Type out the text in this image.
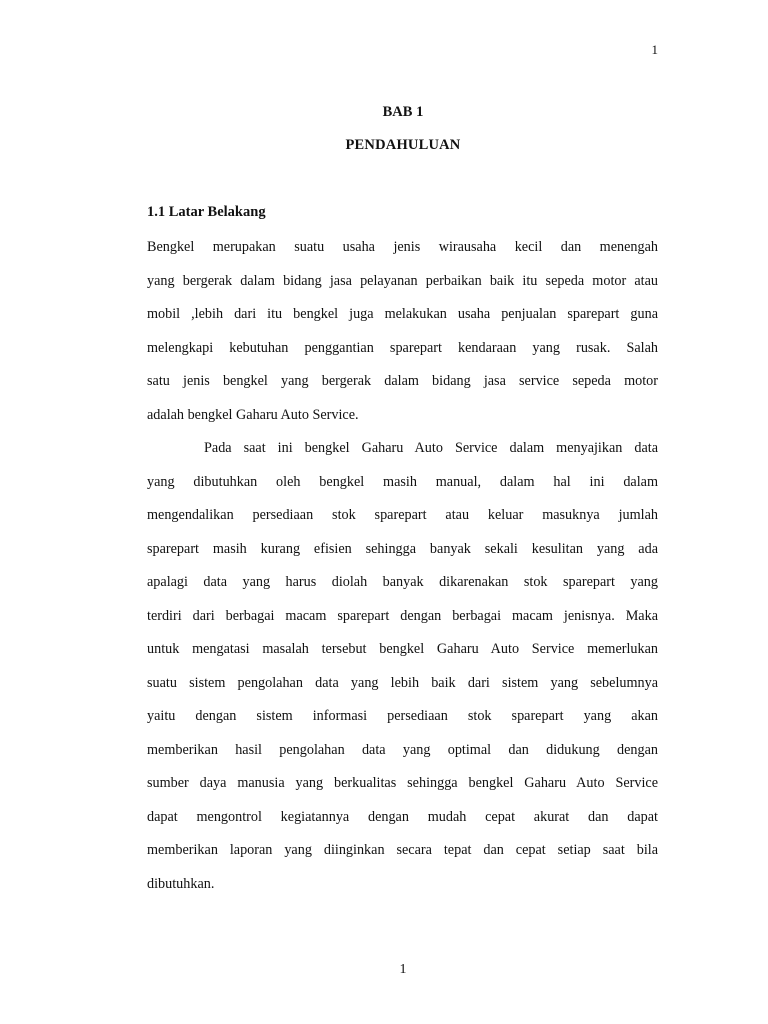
1
BAB 1
PENDAHULUAN
1.1 Latar Belakang
Bengkel merupakan suatu usaha jenis wirausaha kecil dan menengah
yang bergerak dalam bidang jasa pelayanan perbaikan baik itu sepeda motor atau
mobil ,lebih dari itu bengkel juga melakukan usaha penjualan sparepart guna
melengkapi kebutuhan penggantian sparepart kendaraan yang rusak. Salah
satu jenis bengkel yang bergerak dalam bidang jasa service sepeda motor
adalah bengkel Gaharu Auto Service.
Pada saat ini bengkel Gaharu Auto Service dalam menyajikan data
yang dibutuhkan oleh bengkel masih manual, dalam hal ini dalam
mengendalikan persediaan stok sparepart atau keluar masuknya jumlah
sparepart masih kurang efisien sehingga banyak sekali kesulitan yang ada
apalagi data yang harus diolah banyak dikarenakan stok sparepart yang
terdiri dari berbagai macam sparepart dengan berbagai macam jenisnya. Maka
untuk mengatasi masalah tersebut bengkel Gaharu Auto Service memerlukan
suatu sistem pengolahan data yang lebih baik dari sistem yang sebelumnya
yaitu dengan sistem informasi persediaan stok sparepart yang akan
memberikan hasil pengolahan data yang optimal dan didukung dengan
sumber daya manusia yang berkualitas sehingga bengkel Gaharu Auto Service
dapat mengontrol kegiatannya dengan mudah cepat akurat dan dapat
memberikan laporan yang diinginkan secara tepat dan cepat setiap saat bila
dibutuhkan.
1
